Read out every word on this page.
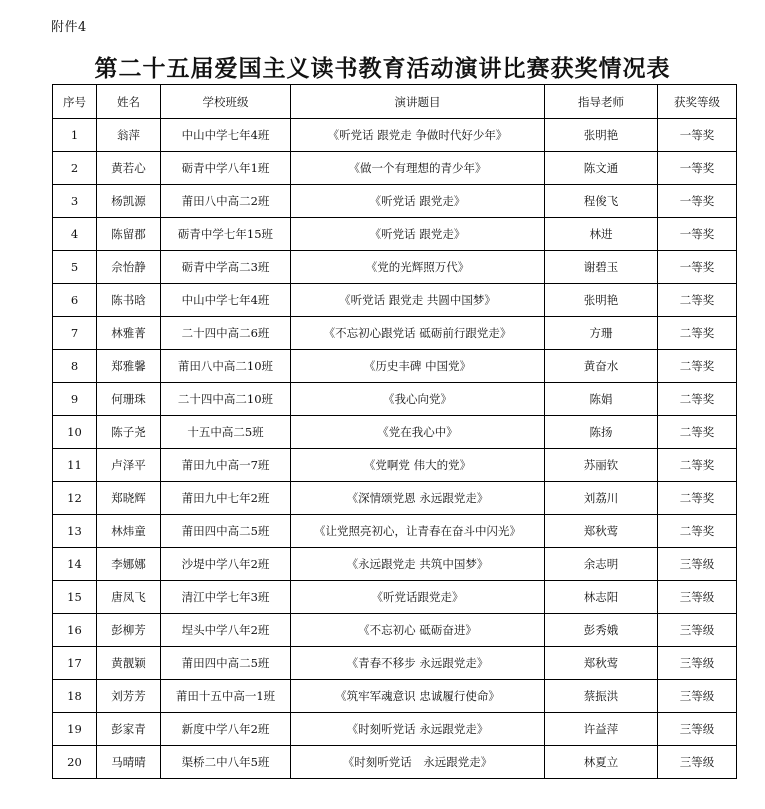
附件4
第二十五届爱国主义读书教育活动演讲比赛获奖情况表
序号	姓名	学校班级	演讲题目	指导老师	获奖等级
1	翁萍	中山中学七年4班	《听党话 跟党走 争做时代好少年》	张明艳	一等奖
2	黄若心	砺青中学八年1班	《做一个有理想的青少年》	陈文通	一等奖
3	杨凯源	莆田八中高二2班	《听党话 跟党走》	程俊飞	一等奖
4	陈留郡	砺青中学七年15班	《听党话 跟党走》	林进	一等奖
5	佘怡静	砺青中学高二3班	《党的光辉照万代》	谢碧玉	一等奖
6	陈书晗	中山中学七年4班	《听党话 跟党走 共圆中国梦》	张明艳	二等奖
7	林雅菁	二十四中高二6班	《不忘初心跟党话 砥砺前行跟党走》	方珊	二等奖
8	郑雅馨	莆田八中高二10班	《历史丰碑 中国党》	黄奋水	二等奖
9	何珊珠	二十四中高二10班	《我心向党》	陈娟	二等奖
10	陈子尧	十五中高二5班	《党在我心中》	陈扬	二等奖
11	卢泽平	莆田九中高一7班	《党啊党 伟大的党》	苏丽钦	二等奖
12	郑晓辉	莆田九中七年2班	《深情颂党恩 永远跟党走》	刘荔川	二等奖
13	林炜童	莆田四中高二5班	《让党照亮初心，让青春在奋斗中闪光》	郑秋莺	二等奖
14	李娜娜	沙堤中学八年2班	《永远跟党走 共筑中国梦》	余志明	三等级
15	唐凤飞	清江中学七年3班	《听党话跟党走》	林志阳	三等级
16	彭柳芳	埕头中学八年2班	《不忘初心 砥砺奋进》	彭秀娥	三等级
17	黄靓颖	莆田四中高二5班	《青春不移步 永远跟党走》	郑秋莺	三等级
18	刘芳芳	莆田十五中高一1班	《筑牢军魂意识 忠诚履行使命》	蔡振洪	三等级
19	彭家青	新度中学八年2班	《时刻听党话 永远跟党走》	许益萍	三等级
20	马晴晴	渠桥二中八年5班	《时刻听党话　永远跟党走》	林夏立	三等级
